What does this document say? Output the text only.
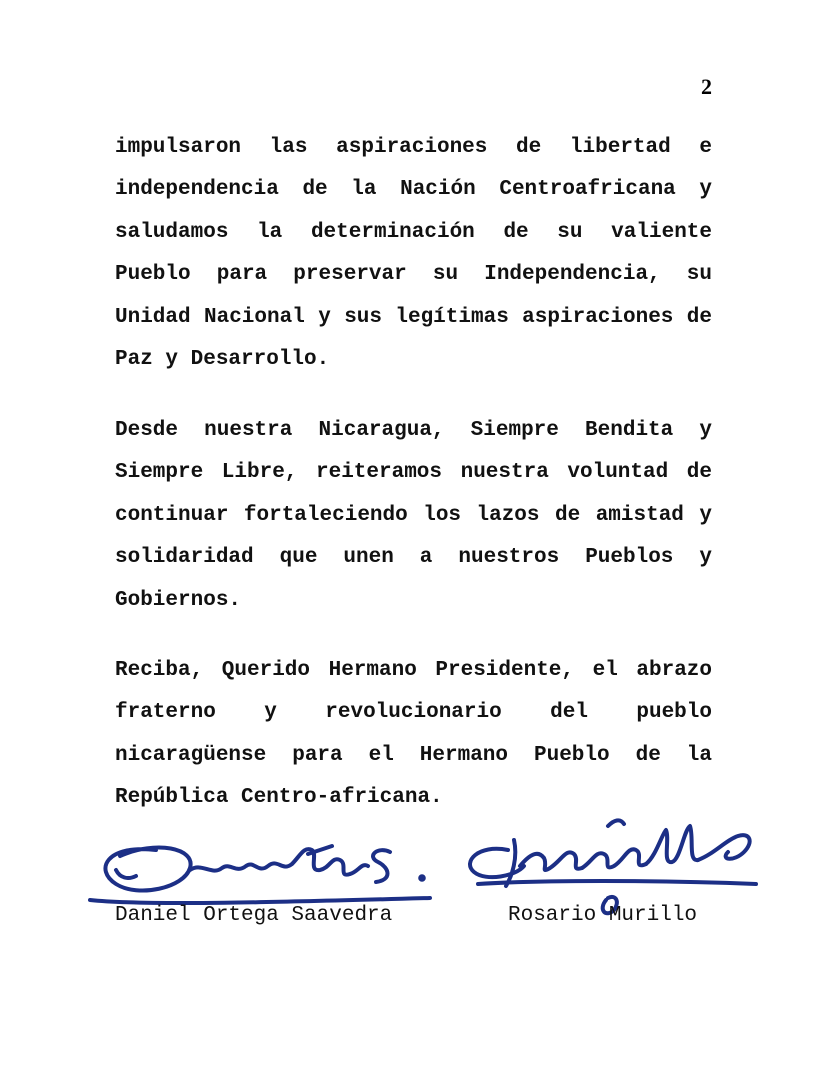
2

impulsaron las aspiraciones de libertad e independencia de la Nación Centroafricana y saludamos la determinación de su valiente Pueblo para preservar su Independencia, su Unidad Nacional y sus legítimas aspiraciones de Paz y Desarrollo.

Desde nuestra Nicaragua, Siempre Bendita y Siempre Libre, reiteramos nuestra voluntad de continuar fortaleciendo los lazos de amistad y solidaridad que unen a nuestros Pueblos y Gobiernos.

Reciba, Querido Hermano Presidente, el abrazo fraterno y revolucionario del pueblo nicaragüense para el Hermano Pueblo de la República Centro-africana.

Daniel Ortega Saavedra	Rosario Murillo
